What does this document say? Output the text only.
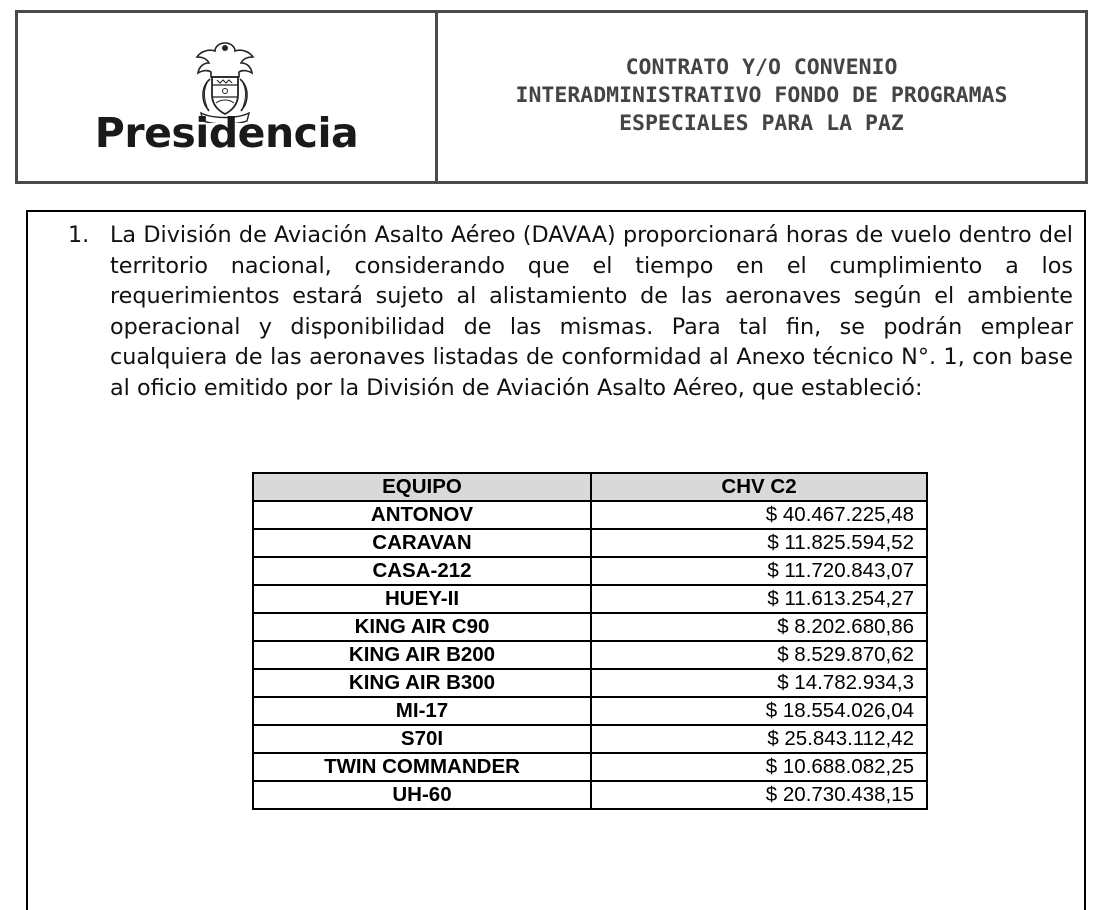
Presidencia
CONTRATO Y/O CONVENIO
INTERADMINISTRATIVO FONDO DE PROGRAMAS
ESPECIALES PARA LA PAZ
1. La División de Aviación Asalto Aéreo (DAVAA) proporcionará horas de vuelo dentro del territorio nacional, considerando que el tiempo en el cumplimiento a los requerimientos estará sujeto al alistamiento de las aeronaves según el ambiente operacional y disponibilidad de las mismas. Para tal fin, se podrán emplear cualquiera de las aeronaves listadas de conformidad al Anexo técnico N°. 1, con base al oficio emitido por la División de Aviación Asalto Aéreo, que estableció:
EQUIPO	CHV C2
ANTONOV	$ 40.467.225,48
CARAVAN	$ 11.825.594,52
CASA-212	$ 11.720.843,07
HUEY-II	$ 11.613.254,27
KING AIR C90	$ 8.202.680,86
KING AIR B200	$ 8.529.870,62
KING AIR B300	$ 14.782.934,3
MI-17	$ 18.554.026,04
S70I	$ 25.843.112,42
TWIN COMMANDER	$ 10.688.082,25
UH-60	$ 20.730.438,15
